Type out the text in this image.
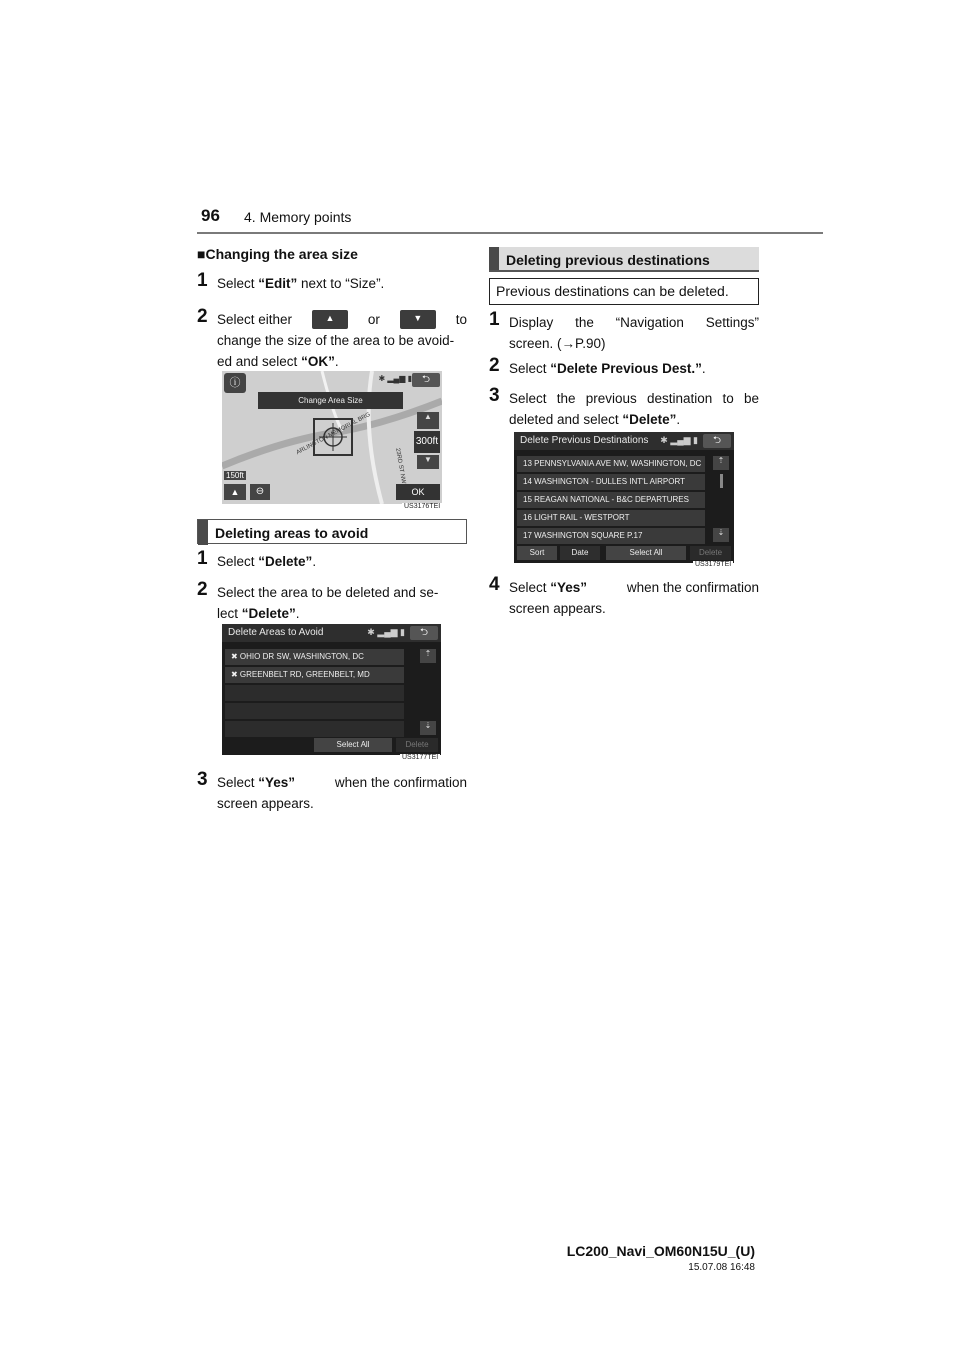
96 4. Memory points
■Changing the area size
1 Select “Edit” next to “Size”.
2 Select either	▲	or	▼	to
change the size of the area to be avoid-
ed and select “OK”.
ARLINGTON MEMORIAL BRG
23RD ST NW
ⓘ	✱ ▂▄▆ ▮ ⮌
Change Area Size
▲
300ft
▼
150ft
▲	⊖	OK
US3176TEI
Deleting areas to avoid
1 Select “Delete”.
2 Select the area to be deleted and se-
lect “Delete”.
Delete Areas to Avoid	✱ ▂▄▆ ▮	⮌
✖ OHIO DR SW, WASHINGTON, DC
✖ GREENBELT RD, GREENBELT, MD
⇡
⇣
Select All	Delete
US3177TEI
3 Select “Yes”	when the confirmation
screen appears.
Deleting previous destinations
Previous destinations can be deleted.
1 Display the “Navigation Settings”
screen. (→P.90)
2 Select “Delete Previous Dest.”.
3 Select the previous destination to be
deleted and select “Delete”.
Delete Previous Destinations ✱ ▂▄▆ ▮	⮌
13 PENNSYLVANIA AVE NW, WASHINGTON, DC
14 WASHINGTON - DULLES INT'L AIRPORT
15 REAGAN NATIONAL - B&C DEPARTURES
16 LIGHT RAIL - WESTPORT
17 WASHINGTON SQUARE P.17
⇡
⇣
Sort	Date	Select All	Delete
US3179TEI
4 Select “Yes”	when the confirmation
screen appears.
LC200_Navi_OM60N15U_(U)
15.07.08 16:48
